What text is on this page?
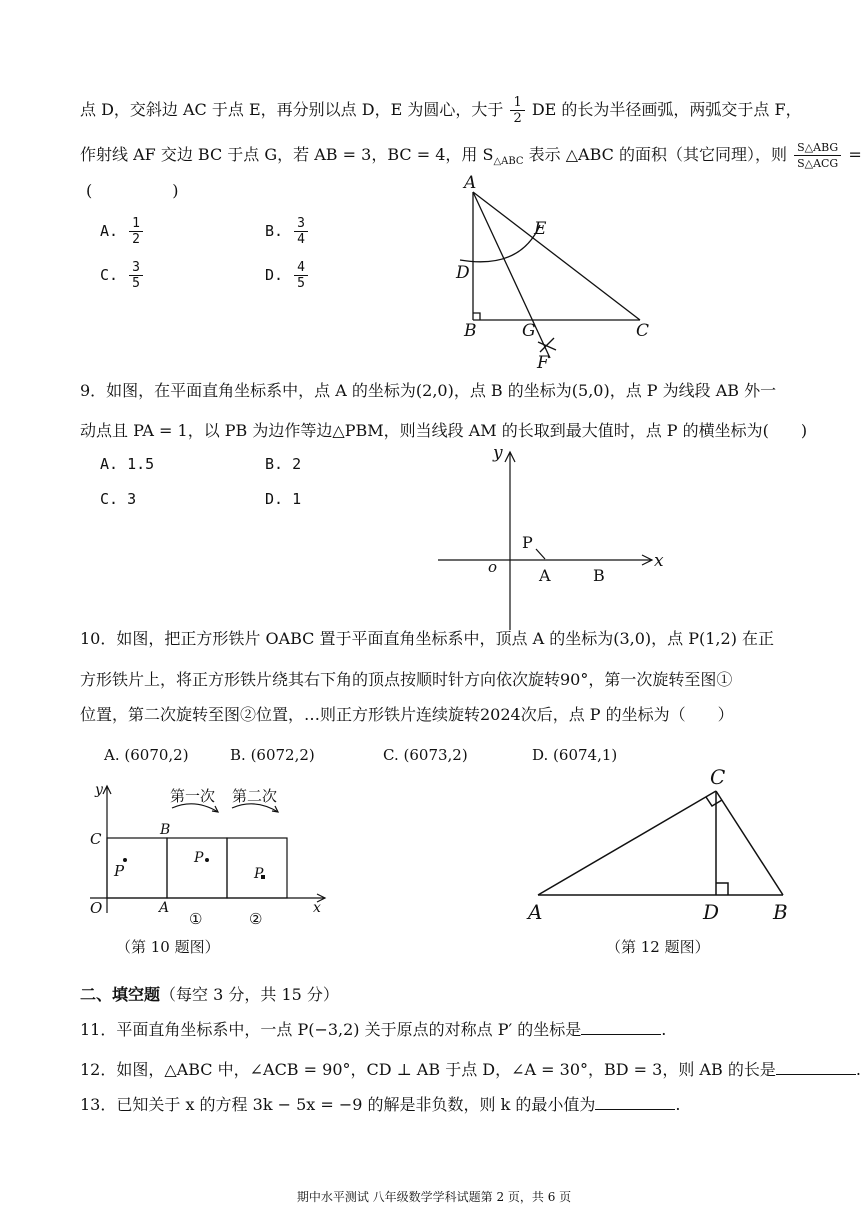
点 D，交斜边 AC 于点 E，再分别以点 D，E 为圆心，大于 $\frac{1}{2}$ DE 的长为半径画弧，两弧交于点 F，
作射线 AF 交边 BC 于点 G，若 AB = 3，BC = 4，用 $S_{\triangle ABC}$ 表示 △ABC 的面积（其它同理），则 $\frac{\text{S△ABG}}{\text{S△ACG}}$ =
(　　　　　)
A. $\frac{1}{2}$	B. $\frac{3}{4}$
C. $\frac{3}{5}$	D. $\frac{4}{5}$
A
B	C
D
E
F
G
9．如图，在平面直角坐标系中，点 A 的坐标为(2,0)，点 B 的坐标为(5,0)，点 P 为线段 AB 外一
动点且 PA = 1，以 PB 为边作等边△PBM，则当线段 AM 的长取到最大值时，点 P 的横坐标为(　　)
A. 1.5	B. 2
C. 3	D. 1
y
x
o
P
A	B
10．如图，把正方形铁片 OABC 置于平面直角坐标系中，顶点 A 的坐标为(3,0)，点 P(1,2) 在正
方形铁片上，将正方形铁片绕其右下角的顶点按顺时针方向依次旋转90°，第一次旋转至图①
位置，第二次旋转至图②位置，…则正方形铁片连续旋转2024次后，点 P 的坐标为（　　）
A. (6070,2)	B. (6072,2)	C. (6073,2)	D. (6074,1)
y
x
O	A
B
C
P
P
P
第一次 第二次
①	②
（第 10 题图）
A	B
C
D
（第 12 题图）
二、填空题（每空 3 分，共 15 分）
11．平面直角坐标系中，一点 P(−3,2) 关于原点的对称点 P′ 的坐标是	.
12．如图，△ABC 中，∠ACB = 90°，CD ⊥ AB 于点 D，∠A = 30°，BD = 3，则 AB 的长是	.
13．已知关于 x 的方程 3k − 5x = −9 的解是非负数，则 k 的最小值为	.
期中水平测试 八年级数学学科试题第 2 页，共 6 页
